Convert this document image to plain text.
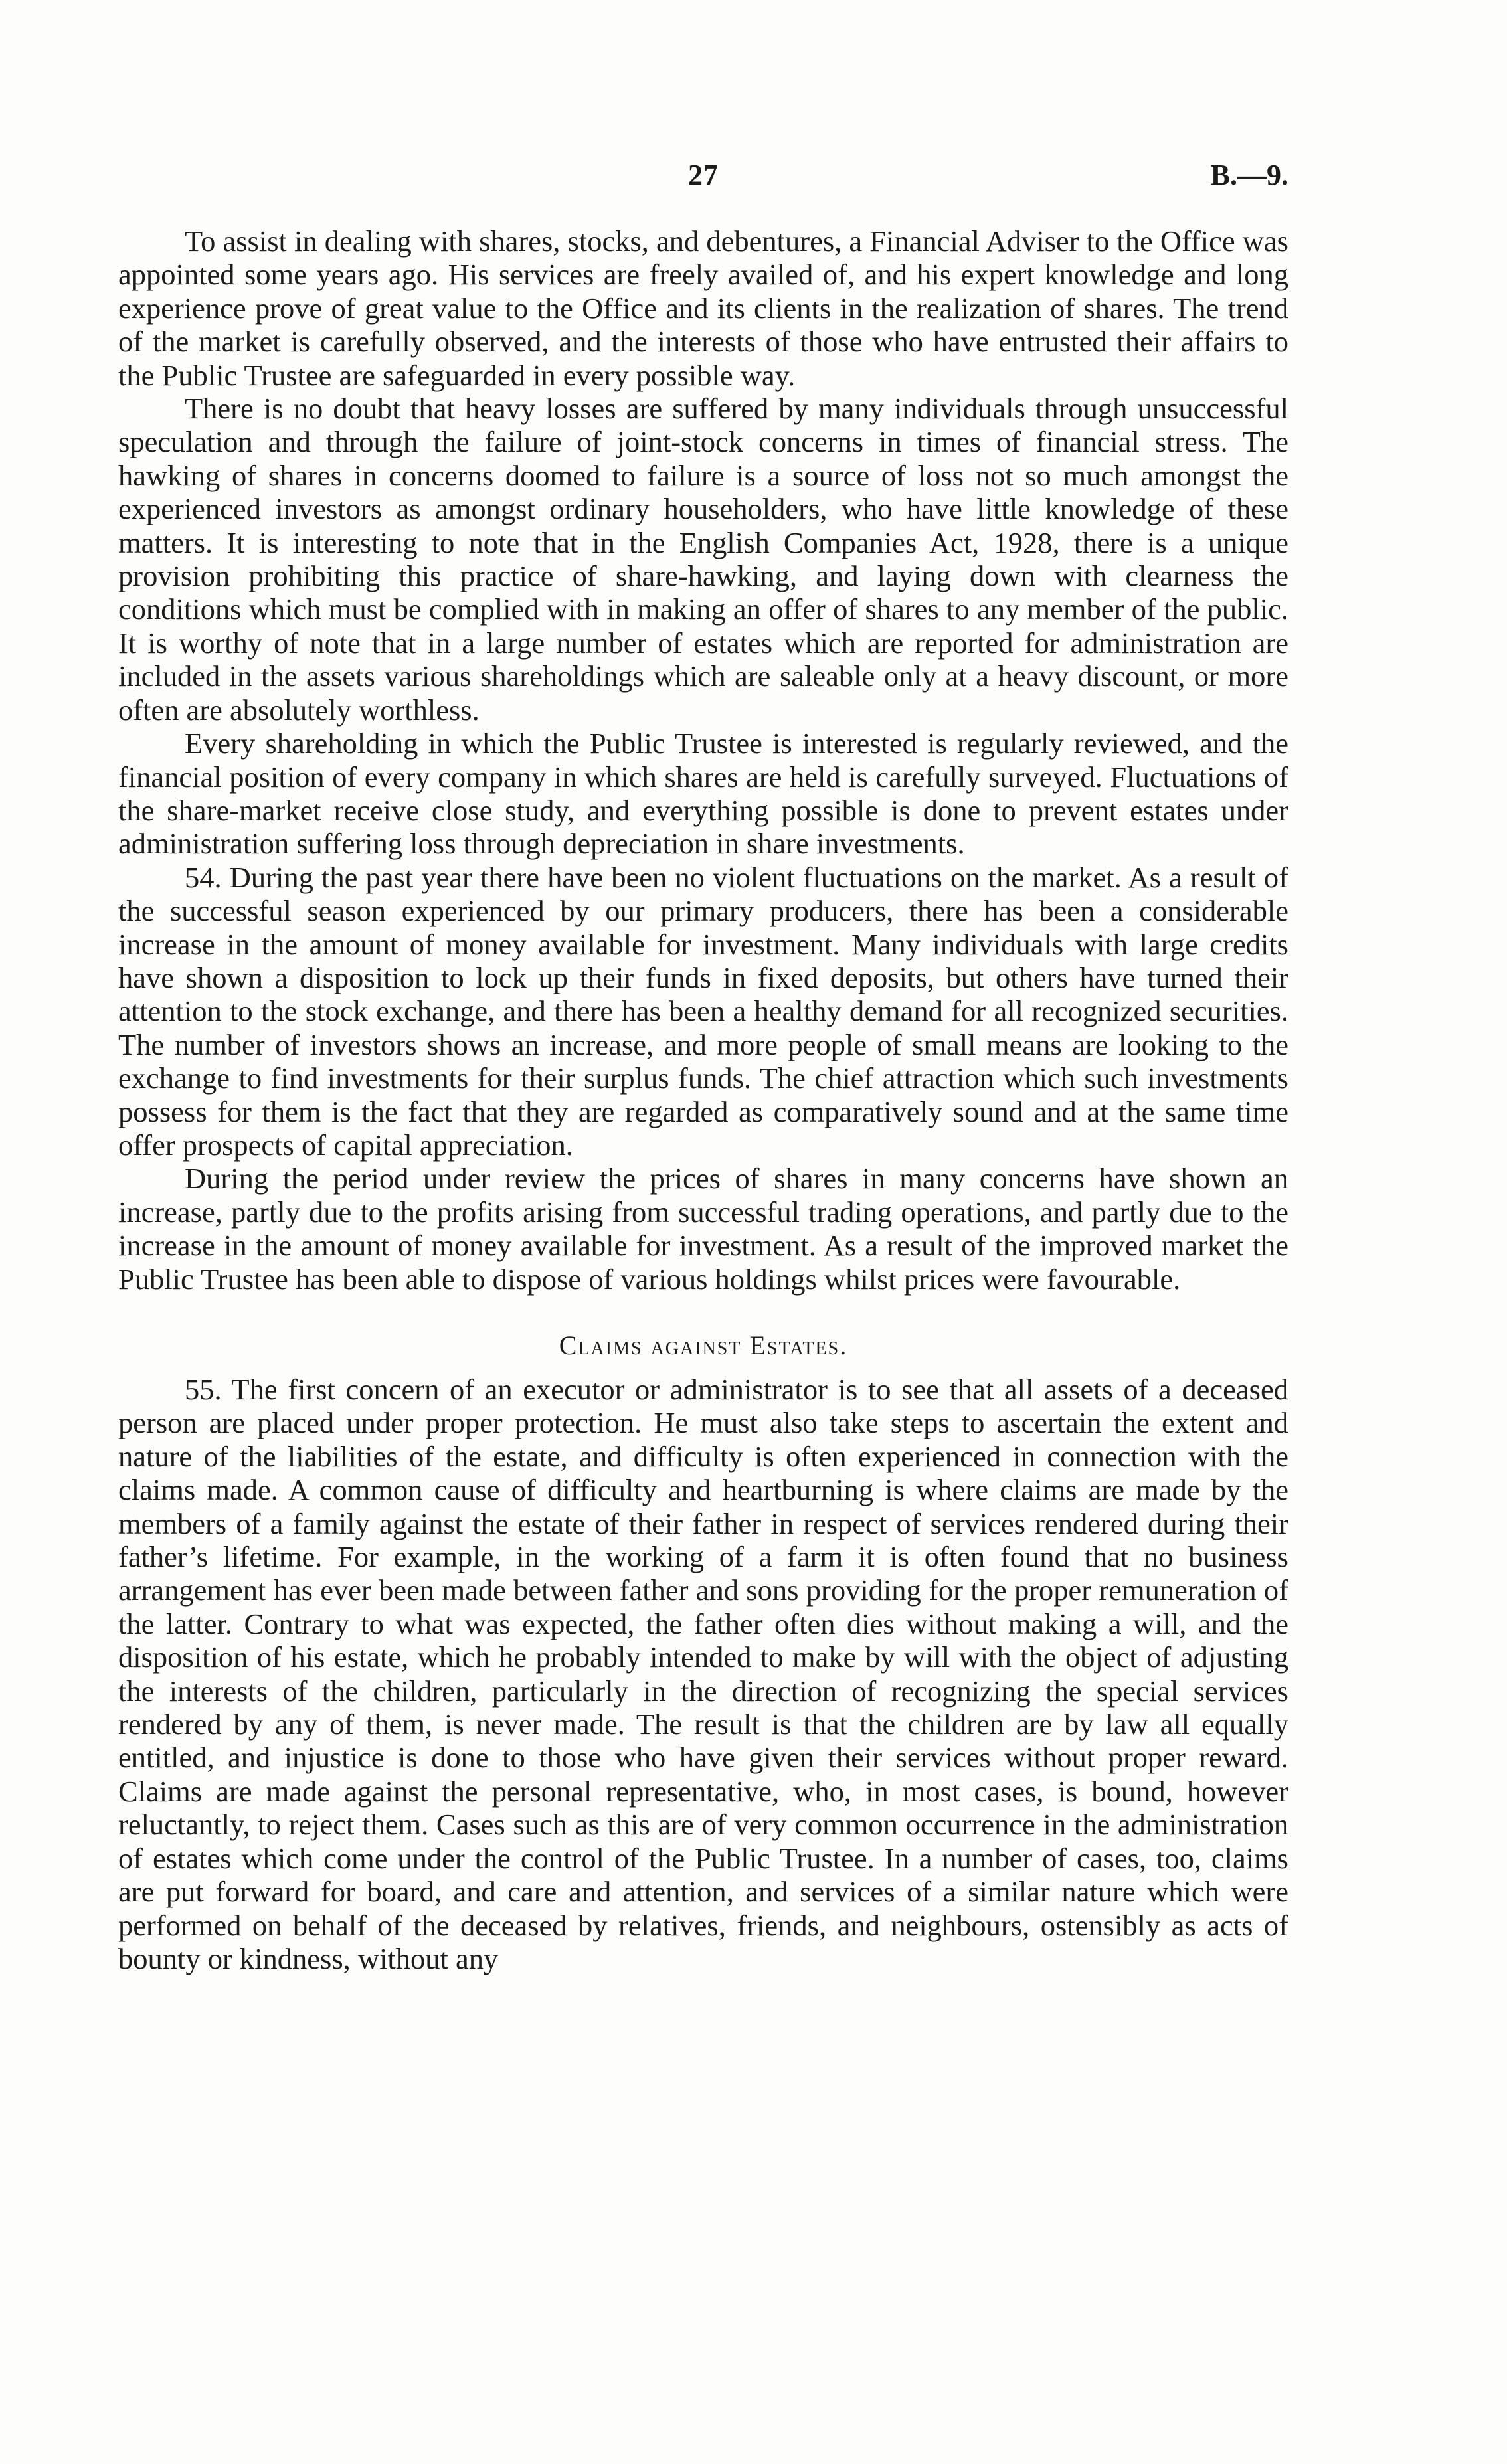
27	B.—9.

To assist in dealing with shares, stocks, and debentures, a Financial Adviser to the Office was appointed some years ago. His services are freely availed of, and his expert knowledge and long experience prove of great value to the Office and its clients in the realization of shares. The trend of the market is carefully observed, and the interests of those who have entrusted their affairs to the Public Trustee are safeguarded in every possible way.

There is no doubt that heavy losses are suffered by many individuals through unsuccessful speculation and through the failure of joint-stock concerns in times of financial stress. The hawking of shares in concerns doomed to failure is a source of loss not so much amongst the experienced investors as amongst ordinary householders, who have little knowledge of these matters. It is interesting to note that in the English Companies Act, 1928, there is a unique provision prohibiting this practice of share-hawking, and laying down with clearness the conditions which must be complied with in making an offer of shares to any member of the public. It is worthy of note that in a large number of estates which are reported for administration are included in the assets various shareholdings which are saleable only at a heavy discount, or more often are absolutely worthless.

Every shareholding in which the Public Trustee is interested is regularly reviewed, and the financial position of every company in which shares are held is carefully surveyed. Fluctuations of the share-market receive close study, and everything possible is done to prevent estates under administration suffering loss through depreciation in share investments.

54. During the past year there have been no violent fluctuations on the market. As a result of the successful season experienced by our primary producers, there has been a considerable increase in the amount of money available for investment. Many individuals with large credits have shown a disposition to lock up their funds in fixed deposits, but others have turned their attention to the stock exchange, and there has been a healthy demand for all recognized securities. The number of investors shows an increase, and more people of small means are looking to the exchange to find investments for their surplus funds. The chief attraction which such investments possess for them is the fact that they are regarded as comparatively sound and at the same time offer prospects of capital appreciation.

During the period under review the prices of shares in many concerns have shown an increase, partly due to the profits arising from successful trading operations, and partly due to the increase in the amount of money available for investment. As a result of the improved market the Public Trustee has been able to dispose of various holdings whilst prices were favourable.

Claims against Estates.

55. The first concern of an executor or administrator is to see that all assets of a deceased person are placed under proper protection. He must also take steps to ascertain the extent and nature of the liabilities of the estate, and difficulty is often experienced in connection with the claims made. A common cause of difficulty and heartburning is where claims are made by the members of a family against the estate of their father in respect of services rendered during their father’s lifetime. For example, in the working of a farm it is often found that no business arrangement has ever been made between father and sons providing for the proper remuneration of the latter. Contrary to what was expected, the father often dies without making a will, and the disposition of his estate, which he probably intended to make by will with the object of adjusting the interests of the children, particularly in the direction of recognizing the special services rendered by any of them, is never made. The result is that the children are by law all equally entitled, and injustice is done to those who have given their services without proper reward. Claims are made against the personal representative, who, in most cases, is bound, however reluctantly, to reject them. Cases such as this are of very common occurrence in the administration of estates which come under the control of the Public Trustee. In a number of cases, too, claims are put forward for board, and care and attention, and services of a similar nature which were performed on behalf of the deceased by relatives, friends, and neighbours, ostensibly as acts of bounty or kindness, without any
